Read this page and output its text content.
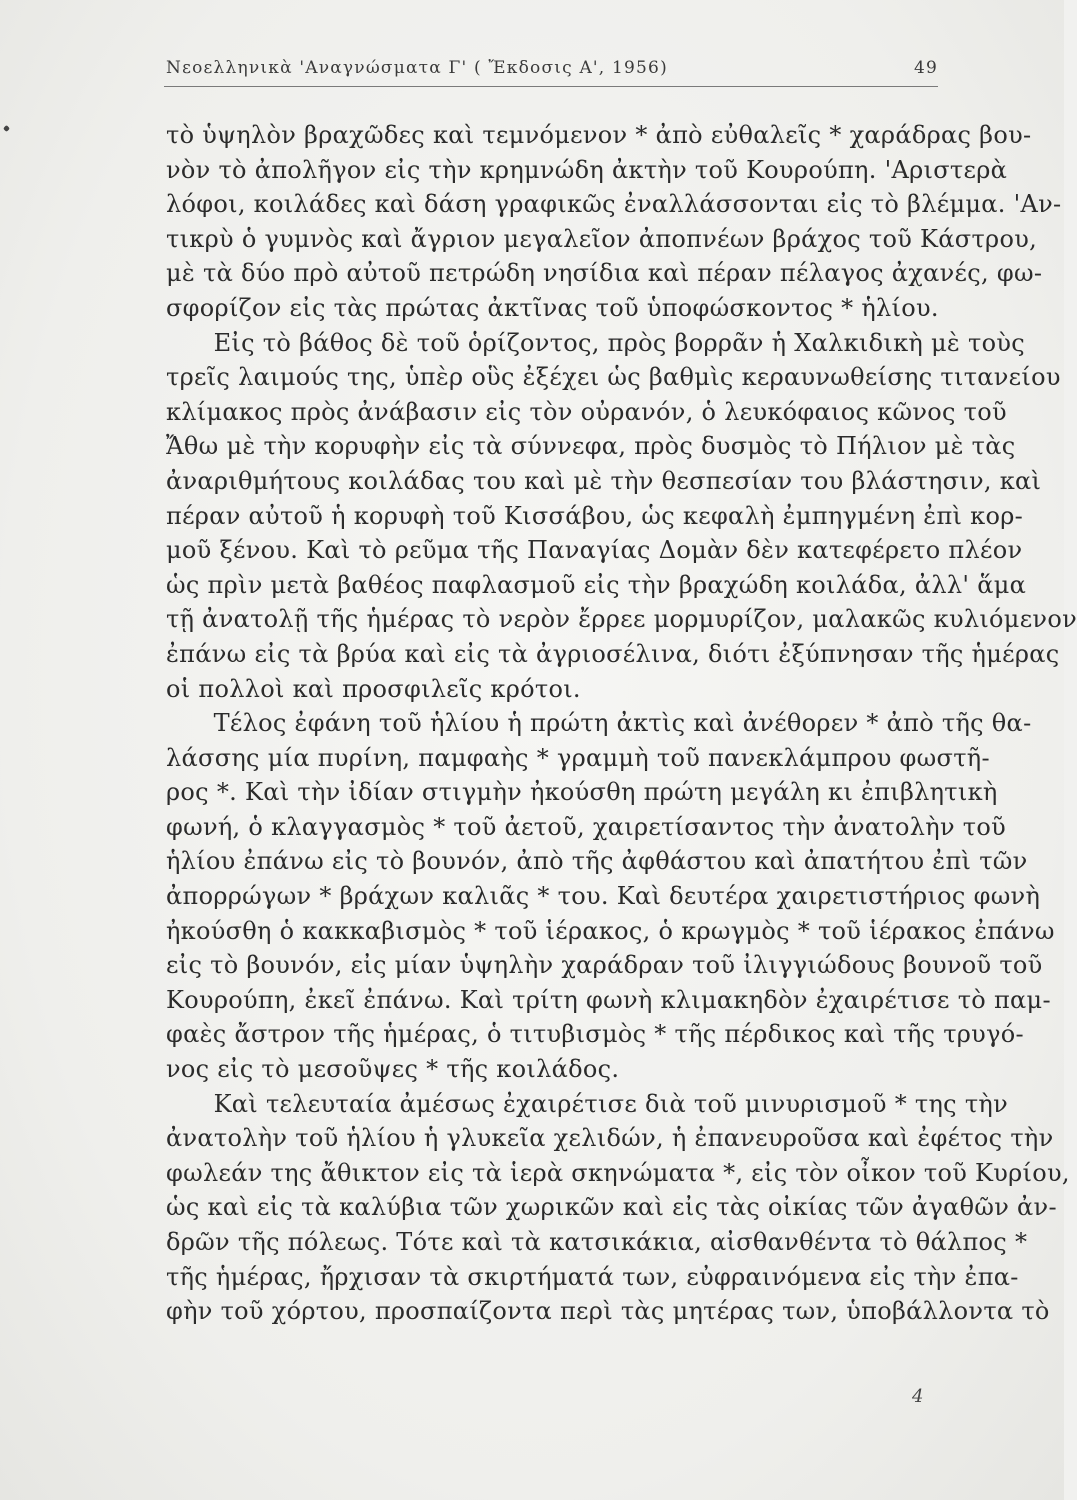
Νεοελληνικὰ 'Αναγνώσματα Γ' ( Ἔκδοσις Α', 1956)	49
τὸ ὑψηλὸν βραχῶδες καὶ τεμνόμενον * ἀπὸ εὐθαλεῖς * χαράδρας βου-
νὸν τὸ ἀπολῆγον εἰς τὴν κρημνώδη ἀκτὴν τοῦ Κουρούπη. 'Αριστερὰ
λόφοι, κοιλάδες καὶ δάση γραφικῶς ἐναλλάσσονται εἰς τὸ βλέμμα. 'Αν-
τικρὺ ὁ γυμνὸς καὶ ἄγριον μεγαλεῖον ἀποπνέων βράχος τοῦ Κάστρου,
μὲ τὰ δύο πρὸ αὐτοῦ πετρώδη νησίδια καὶ πέραν πέλαγος ἀχανές, φω-
σφορίζον εἰς τὰς πρώτας ἀκτῖνας τοῦ ὑποφώσκοντος * ἡλίου.
Εἰς τὸ βάθος δὲ τοῦ ὁρίζοντος, πρὸς βορρᾶν ἡ Χαλκιδικὴ μὲ τοὺς
τρεῖς λαιμούς της, ὑπὲρ οὓς ἐξέχει ὡς βαθμὶς κεραυνωθείσης τιτανείου
κλίμακος πρὸς ἀνάβασιν εἰς τὸν οὐρανόν, ὁ λευκόφαιος κῶνος τοῦ
Ἄθω μὲ τὴν κορυφὴν εἰς τὰ σύννεφα, πρὸς δυσμὸς τὸ Πήλιον μὲ τὰς
ἀναριθμήτους κοιλάδας του καὶ μὲ τὴν θεσπεσίαν του βλάστησιν, καὶ
πέραν αὐτοῦ ἡ κορυφὴ τοῦ Κισσάβου, ὡς κεφαλὴ ἐμπηγμένη ἐπὶ κορ-
μοῦ ξένου. Καὶ τὸ ρεῦμα τῆς Παναγίας Δομὰν δὲν κατεφέρετο πλέον
ὡς πρὶν μετὰ βαθέος παφλασμοῦ εἰς τὴν βραχώδη κοιλάδα, ἀλλ' ἅμα
τῇ ἀνατολῇ τῆς ἡμέρας τὸ νερὸν ἔρρεε μορμυρίζον, μαλακῶς κυλιόμενον
ἐπάνω εἰς τὰ βρύα καὶ εἰς τὰ ἀγριοσέλινα, διότι ἐξύπνησαν τῆς ἡμέρας
οἱ πολλοὶ καὶ προσφιλεῖς κρότοι.
Τέλος ἐφάνη τοῦ ἡλίου ἡ πρώτη ἀκτὶς καὶ ἀνέθορεν * ἀπὸ τῆς θα-
λάσσης μία πυρίνη, παμφαὴς * γραμμὴ τοῦ πανεκλάμπρου φωστῆ-
ρος *. Καὶ τὴν ἰδίαν στιγμὴν ἠκούσθη πρώτη μεγάλη κι ἐπιβλητικὴ
φωνή, ὁ κλαγγασμὸς * τοῦ ἀετοῦ, χαιρετίσαντος τὴν ἀνατολὴν τοῦ
ἡλίου ἐπάνω εἰς τὸ βουνόν, ἀπὸ τῆς ἀφθάστου καὶ ἀπατήτου ἐπὶ τῶν
ἀπορρώγων * βράχων καλιᾶς * του. Καὶ δευτέρα χαιρετιστήριος φωνὴ
ἠκούσθη ὁ κακκαβισμὸς * τοῦ ἱέρακος, ὁ κρωγμὸς * τοῦ ἱέρακος ἐπάνω
εἰς τὸ βουνόν, εἰς μίαν ὑψηλὴν χαράδραν τοῦ ἰλιγγιώδους βουνοῦ τοῦ
Κουρούπη, ἐκεῖ ἐπάνω. Καὶ τρίτη φωνὴ κλιμακηδὸν ἐχαιρέτισε τὸ παμ-
φαὲς ἄστρον τῆς ἡμέρας, ὁ τιτυβισμὸς * τῆς πέρδικος καὶ τῆς τρυγό-
νος εἰς τὸ μεσοῦψες * τῆς κοιλάδος.
Καὶ τελευταία ἀμέσως ἐχαιρέτισε διὰ τοῦ μινυρισμοῦ * της τὴν
ἀνατολὴν τοῦ ἡλίου ἡ γλυκεῖα χελιδών, ἡ ἐπανευροῦσα καὶ ἐφέτος τὴν
φωλεάν της ἄθικτον εἰς τὰ ἱερὰ σκηνώματα *, εἰς τὸν οἶκον τοῦ Κυρίου,
ὡς καὶ εἰς τὰ καλύβια τῶν χωρικῶν καὶ εἰς τὰς οἰκίας τῶν ἀγαθῶν ἀν-
δρῶν τῆς πόλεως. Τότε καὶ τὰ κατσικάκια, αἰσθανθέντα τὸ θάλπος *
τῆς ἡμέρας, ἤρχισαν τὰ σκιρτήματά των, εὐφραινόμενα εἰς τὴν ἐπα-
φὴν τοῦ χόρτου, προσπαίζοντα περὶ τὰς μητέρας των, ὑποβάλλοντα τὸ
4
